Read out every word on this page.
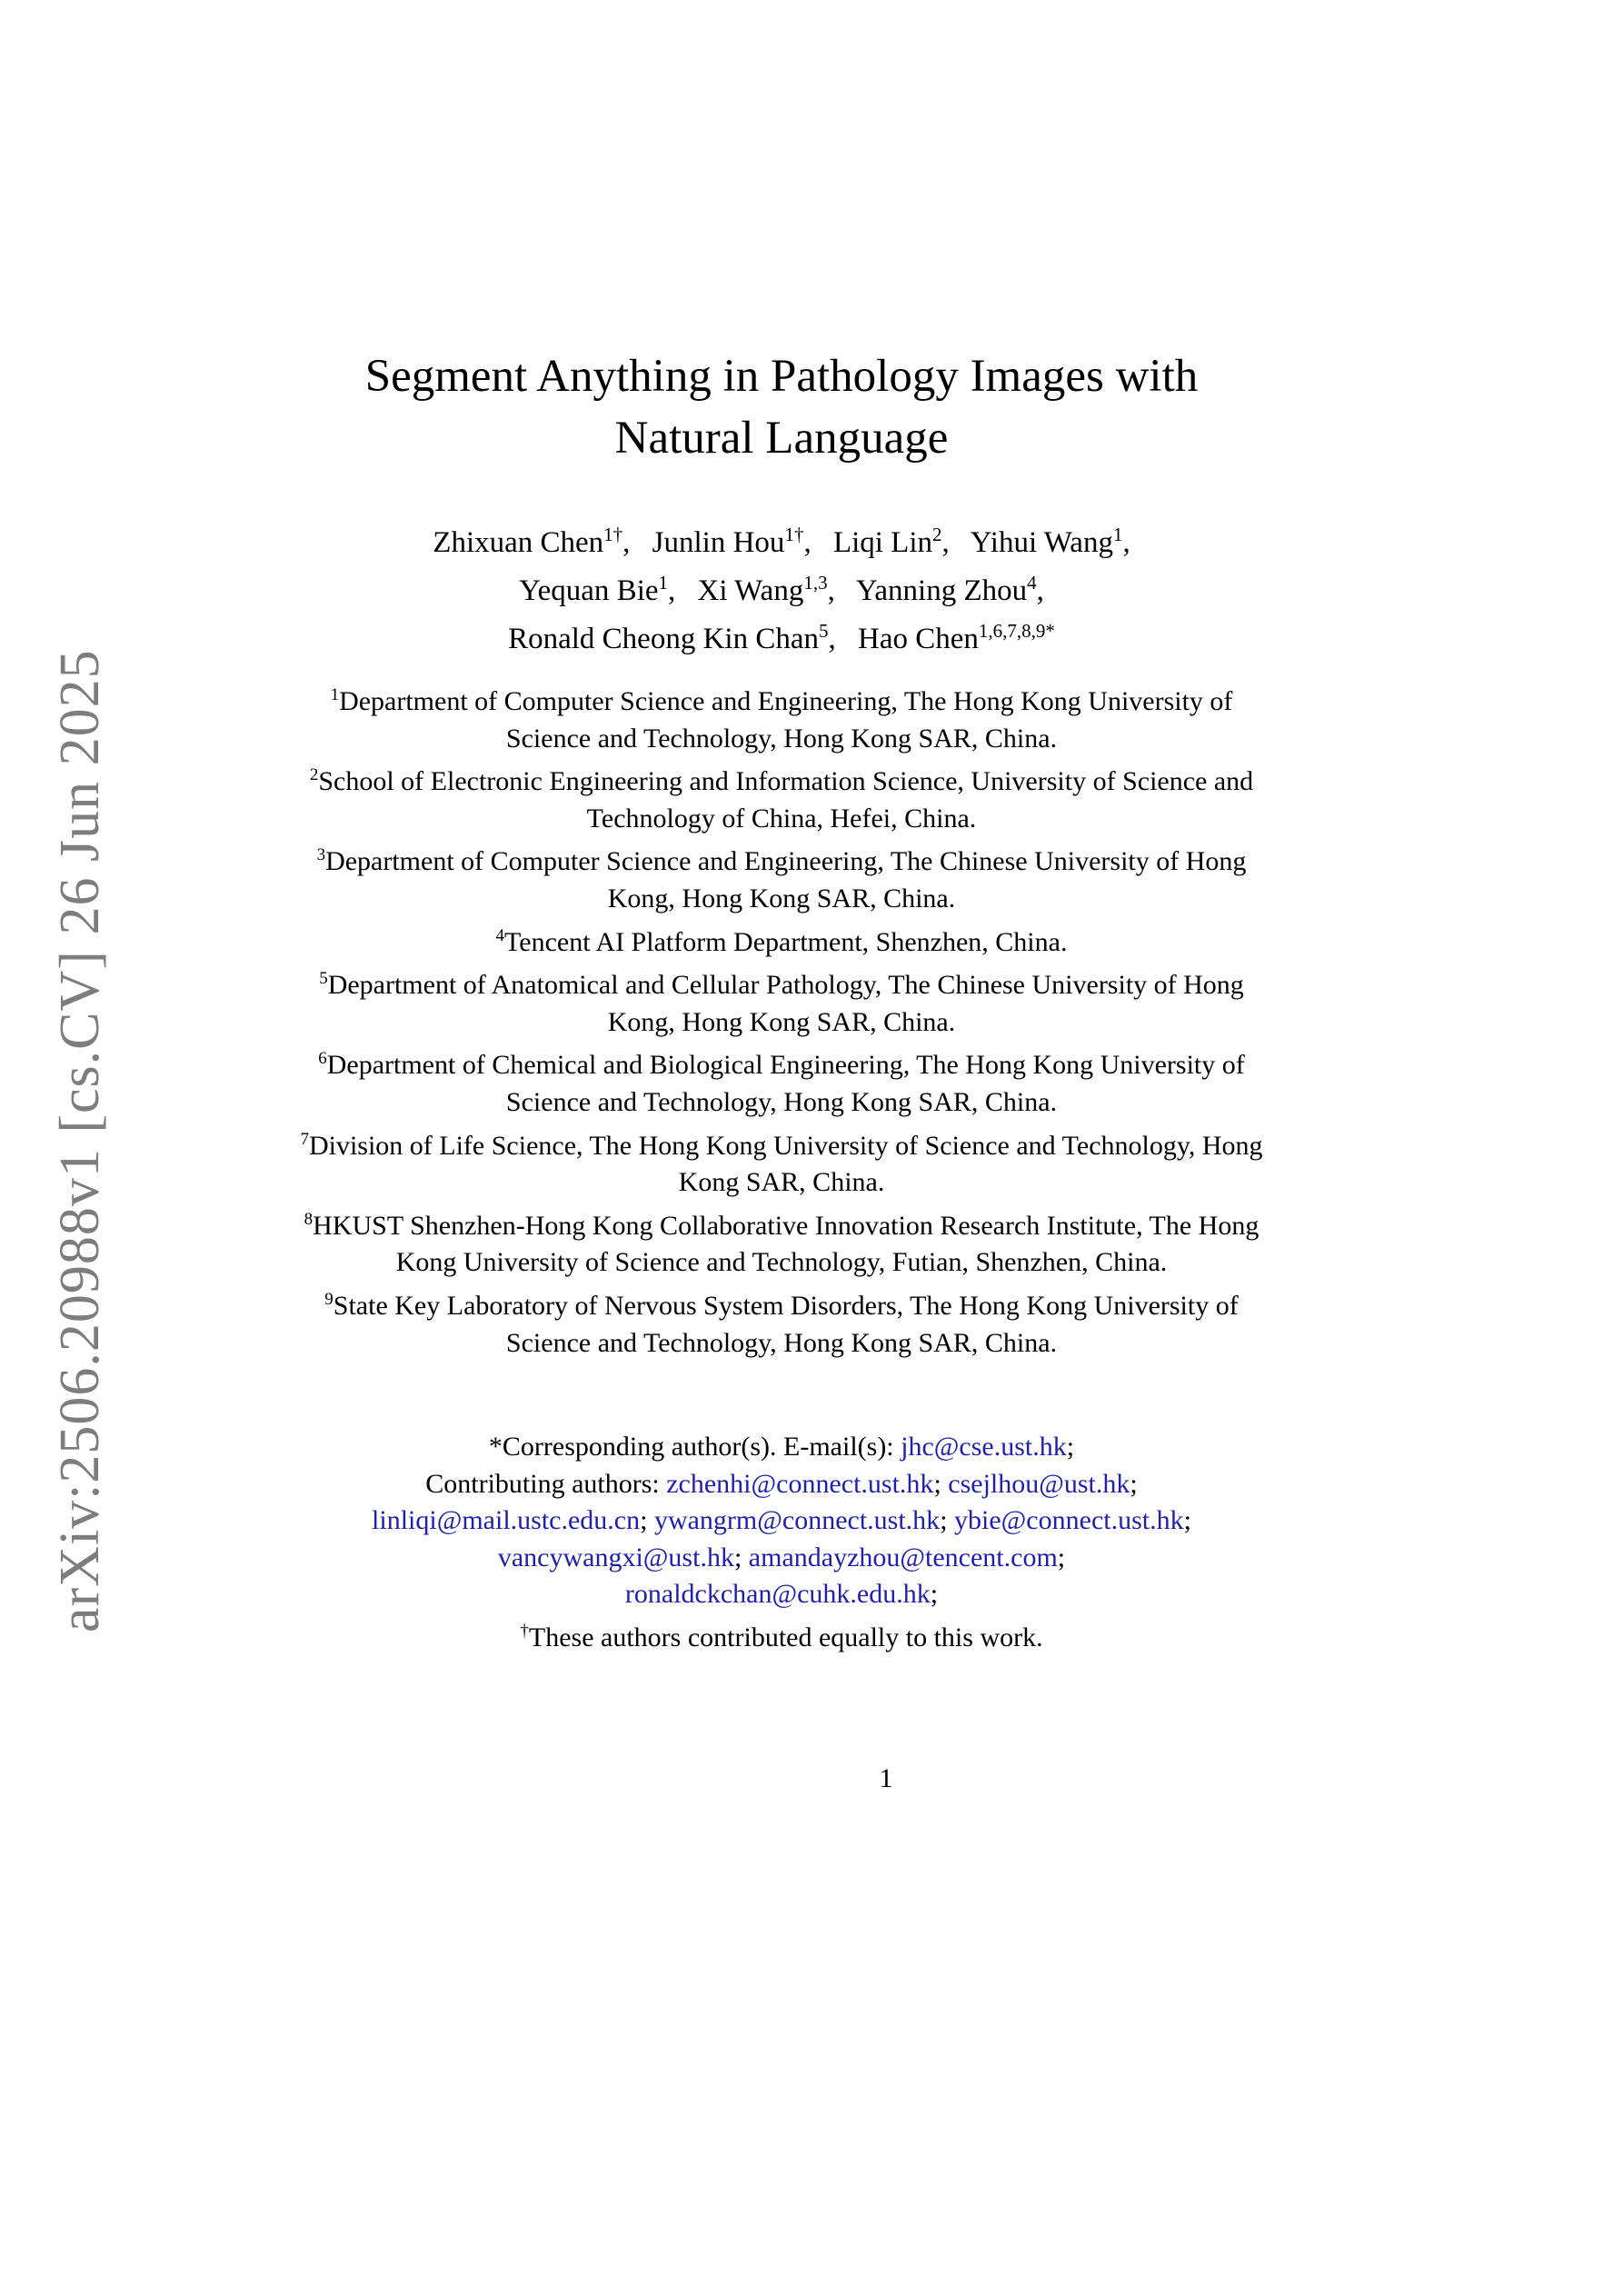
arXiv:2506.20988v1 [cs.CV] 26 Jun 2025
Segment Anything in Pathology Images with
Natural Language
Zhixuan Chen$^{1\dagger}$, Junlin Hou$^{1\dagger}$, Liqi Lin$^2$, Yihui Wang$^1$,
Yequan Bie$^1$, Xi Wang$^{1,3}$, Yanning Zhou$^4$,
Ronald Cheong Kin Chan$^5$, Hao Chen$^{1,6,7,8,9*}$
$^1$Department of Computer Science and Engineering, The Hong Kong University of Science and Technology, Hong Kong SAR, China.
$^2$School of Electronic Engineering and Information Science, University of Science and Technology of China, Hefei, China.
$^3$Department of Computer Science and Engineering, The Chinese University of Hong Kong, Hong Kong SAR, China.
$^4$Tencent AI Platform Department, Shenzhen, China.
$^5$Department of Anatomical and Cellular Pathology, The Chinese University of Hong Kong, Hong Kong SAR, China.
$^6$Department of Chemical and Biological Engineering, The Hong Kong University of Science and Technology, Hong Kong SAR, China.
$^7$Division of Life Science, The Hong Kong University of Science and Technology, Hong Kong SAR, China.
$^8$HKUST Shenzhen-Hong Kong Collaborative Innovation Research Institute, The Hong Kong University of Science and Technology, Futian, Shenzhen, China.
$^9$State Key Laboratory of Nervous System Disorders, The Hong Kong University of Science and Technology, Hong Kong SAR, China.
*Corresponding author(s). E-mail(s): jhc@cse.ust.hk;
Contributing authors: zchenhi@connect.ust.hk; csejlhou@ust.hk;
linliqi@mail.ustc.edu.cn; ywangrm@connect.ust.hk; ybie@connect.ust.hk;
vancywangxi@ust.hk; amandayzhou@tencent.com;
ronaldckchan@cuhk.edu.hk;
†These authors contributed equally to this work.
1
